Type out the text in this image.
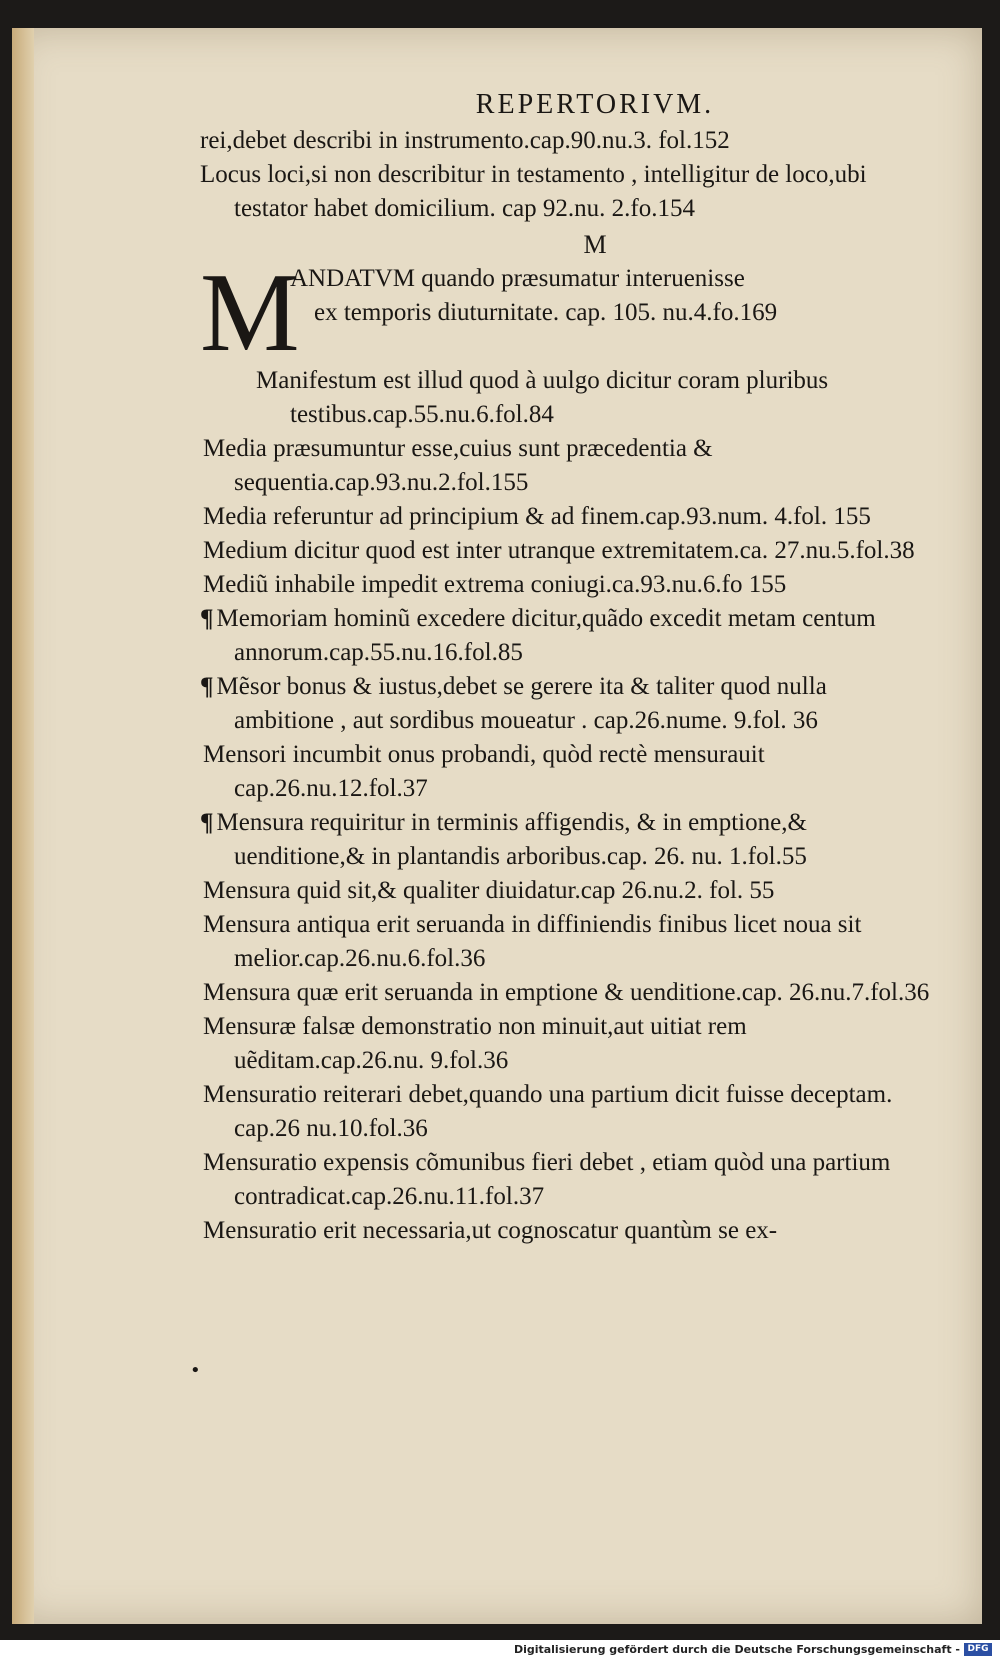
REPERTORIVM.

rei,debet describi in instrumento.cap.90.nu.3. fol.152

Locus loci,si non describitur in testamento , intelligitur de loco,ubi testator habet domicilium. cap 92.nu. 2.fo.154

M
M
ANDATVM quando præsumatur interuenisse
ex temporis diuturnitate. cap. 105. nu.4.fo.169

Manifestum est illud quod à uulgo dicitur coram pluribus testibus.cap.55.nu.6.fol.84

Media præsumuntur esse,cuius sunt præcedentia & sequentia.cap.93.nu.2.fol.155

Media referuntur ad principium & ad finem.cap.93.num. 4.fol. 155

Medium dicitur quod est inter utranque extremitatem.ca. 27.nu.5.fol.38

Mediũ inhabile impedit extrema coniugi.ca.93.nu.6.fo 155

¶ Memoriam hominũ excedere dicitur,quãdo excedit metam centum annorum.cap.55.nu.16.fol.85

¶ Mẽsor bonus & iustus,debet se gerere ita & taliter quod nulla ambitione , aut sordibus moueatur . cap.26.nume. 9.fol. 36

Mensori incumbit onus probandi, quòd rectè mensurauit cap.26.nu.12.fol.37

¶ Mensura requiritur in terminis affigendis, & in emptione,& uenditione,& in plantandis arboribus.cap. 26. nu. 1.fol.55

Mensura quid sit,& qualiter diuidatur.cap 26.nu.2. fol. 55

Mensura antiqua erit seruanda in diffiniendis finibus licet noua sit melior.cap.26.nu.6.fol.36

Mensura quæ erit seruanda in emptione & uenditione.cap. 26.nu.7.fol.36

Mensuræ falsæ demonstratio non minuit,aut uitiat rem uẽditam.cap.26.nu. 9.fol.36

Mensuratio reiterari debet,quando una partium dicit fuisse deceptam. cap.26 nu.10.fol.36

Mensuratio expensis cõmunibus fieri debet , etiam quòd una partium contradicat.cap.26.nu.11.fol.37

Mensuratio erit necessaria,ut cognoscatur quantùm se ex-

•
Digitalisierung gefördert durch die Deutsche Forschungsgemeinschaft - DFG
